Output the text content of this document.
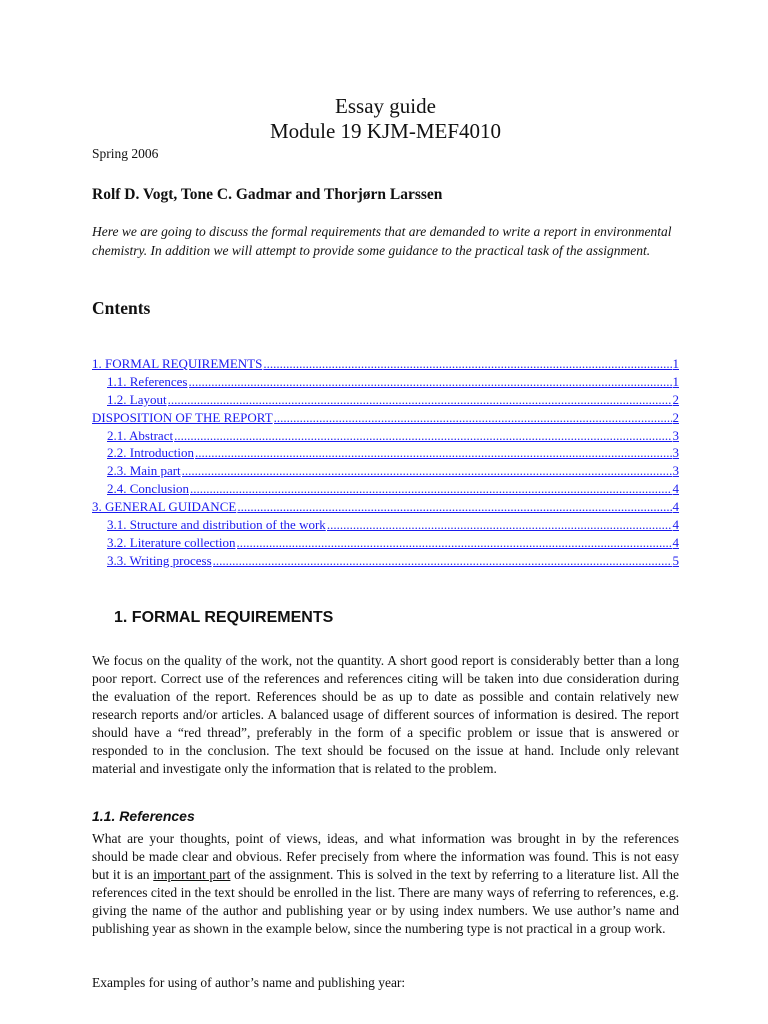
Essay guide
Module 19 KJM-MEF4010
Spring 2006
Rolf D. Vogt, Tone C. Gadmar and Thorjørn Larssen
Here we are going to discuss the formal requirements that are demanded to write a report in environmental chemistry. In addition we will attempt to provide some guidance to the practical task of the assignment.
Cntents
1. FORMAL REQUIREMENTS .....	1
1.1. References .....	1
1.2. Layout .....	2
DISPOSITION OF THE REPORT .....	2
2.1. Abstract .....	3
2.2. Introduction .....	3
2.3. Main part .....	3
2.4. Conclusion .....	4
3. GENERAL GUIDANCE .....	4
3.1. Structure and distribution of the work .....	4
3.2. Literature collection .....	4
3.3. Writing process .....	5
1. FORMAL REQUIREMENTS
We focus on the quality of the work, not the quantity. A short good report is considerably better than a long poor report. Correct use of the references and references citing will be taken into due consideration during the evaluation of the report. References should be as up to date as possible and contain relatively new research reports and/or articles. A balanced usage of different sources of information is desired. The report should have a “red thread”, preferably in the form of a specific problem or issue that is answered or responded to in the conclusion. The text should be focused on the issue at hand. Include only relevant material and investigate only the information that is related to the problem.
1.1. References
What are your thoughts, point of views, ideas, and what information was brought in by the references should be made clear and obvious. Refer precisely from where the information was found. This is not easy but it is an important part of the assignment. This is solved in the text by referring to a literature list. All the references cited in the text should be enrolled in the list. There are many ways of referring to references, e.g. giving the name of the author and publishing year or by using index numbers. We use author’s name and publishing year as shown in the example below, since the numbering type is not practical in a group work.
Examples for using of author’s name and publishing year:
